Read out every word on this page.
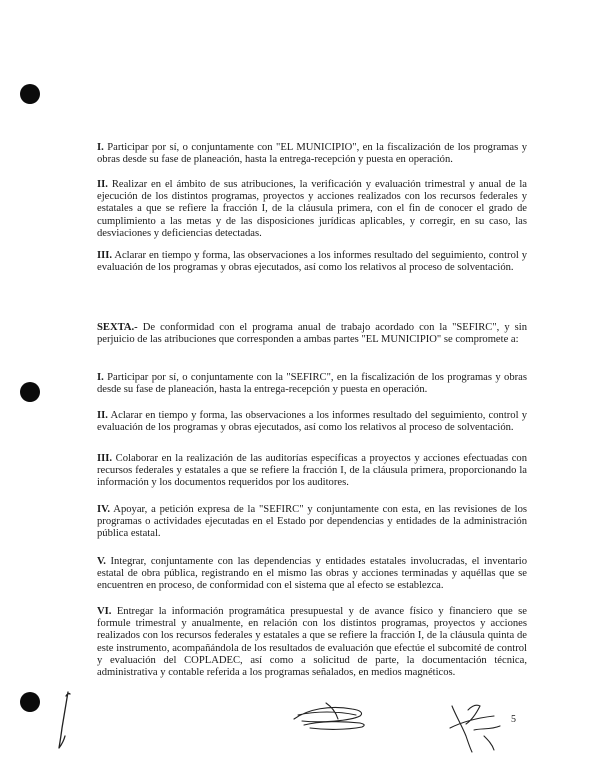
I. Participar por sí, o conjuntamente con "EL MUNICIPIO", en la fiscalización de los programas y obras desde su fase de planeación, hasta la entrega-recepción y puesta en operación.

II. Realizar en el ámbito de sus atribuciones, la verificación y evaluación trimestral y anual de la ejecución de los distintos programas, proyectos y acciones realizados con los recursos federales y estatales a que se refiere la fracción I, de la cláusula primera, con el fin de conocer el grado de cumplimiento a las metas y de las disposiciones jurídicas aplicables, y corregir, en su caso, las desviaciones y deficiencias detectadas.

III. Aclarar en tiempo y forma, las observaciones a los informes resultado del seguimiento, control y evaluación de los programas y obras ejecutados, así como los relativos al proceso de solventación.

SEXTA.- De conformidad con el programa anual de trabajo acordado con la "SEFIRC", y sin perjuicio de las atribuciones que corresponden a ambas partes "EL MUNICIPIO" se compromete a:

I. Participar por sí, o conjuntamente con la "SEFIRC", en la fiscalización de los programas y obras desde su fase de planeación, hasta la entrega-recepción y puesta en operación.

II. Aclarar en tiempo y forma, las observaciones a los informes resultado del seguimiento, control y evaluación de los programas y obras ejecutados, así como los relativos al proceso de solventación.

III. Colaborar en la realización de las auditorías específicas a proyectos y acciones efectuadas con recursos federales y estatales a que se refiere la fracción I, de la cláusula primera, proporcionando la información y los documentos requeridos por los auditores.

IV. Apoyar, a petición expresa de la "SEFIRC" y conjuntamente con esta, en las revisiones de los programas o actividades ejecutadas en el Estado por dependencias y entidades de la administración pública estatal.

V. Integrar, conjuntamente con las dependencias y entidades estatales involucradas, el inventario estatal de obra pública, registrando en el mismo las obras y acciones terminadas y aquéllas que se encuentren en proceso, de conformidad con el sistema que al efecto se establezca.

VI. Entregar la información programática presupuestal y de avance físico y financiero que se formule trimestral y anualmente, en relación con los distintos programas, proyectos y acciones realizados con los recursos federales y estatales a que se refiere la fracción I, de la cláusula quinta de este instrumento, acompañándola de los resultados de evaluación que efectúe el subcomité de control y evaluación del COPLADEC, así como a solicitud de parte, la documentación técnica, administrativa y contable referida a los programas señalados, en medios magnéticos.

5
